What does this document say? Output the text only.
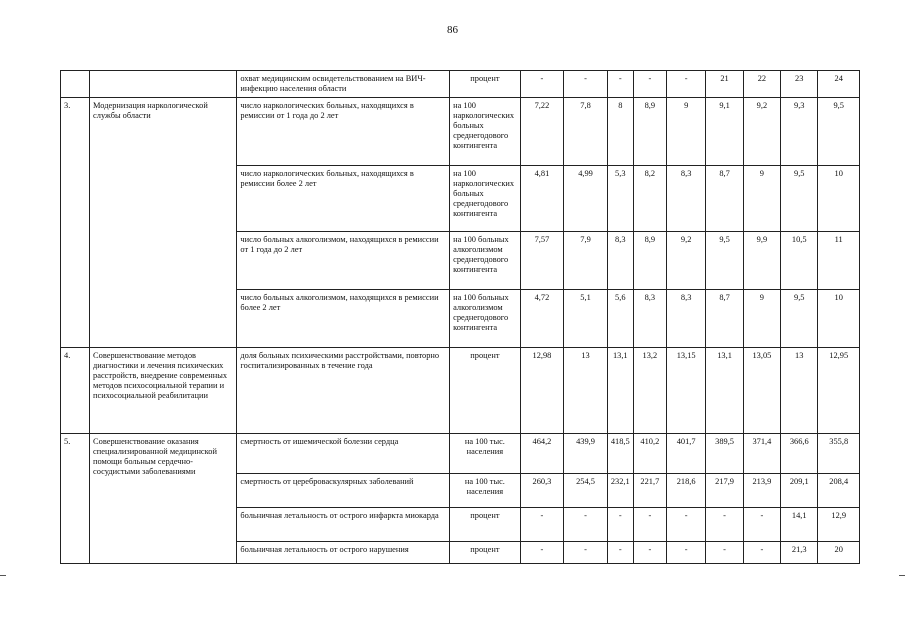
86
		охват медицинским освидетельствованием на ВИЧ-инфекцию населения области	процент	-	-	-	-	-	21	22	23	24
3.	Модернизация наркологической службы области	число наркологических больных, находящихся в ремиссии от 1 года до 2 лет	на 100 наркологических больных среднегодового контингента	7,22	7,8	8	8,9	9	9,1	9,2	9,3	9,5
		число наркологических больных, находящихся в ремиссии более 2 лет	на 100 наркологических больных среднегодового контингента	4,81	4,99	5,3	8,2	8,3	8,7	9	9,5	10
		число больных алкоголизмом, находящихся в ремиссии от 1 года до 2 лет	на 100 больных алкоголизмом среднегодового контингента	7,57	7,9	8,3	8,9	9,2	9,5	9,9	10,5	11
		число больных алкоголизмом, находящихся в ремиссии более 2 лет	на 100 больных алкоголизмом среднегодового контингента	4,72	5,1	5,6	8,3	8,3	8,7	9	9,5	10
4.	Совершенствование методов диагностики и лечения психических расстройств, внедрение современных методов психосоциальной терапии и психосоциальной реабилитации	доля больных психическими расстройствами, повторно госпитализированных в течение года	процент	12,98	13	13,1	13,2	13,15	13,1	13,05	13	12,95
5.	Совершенствование оказания специализированной медицинской помощи больным сердечно-сосудистыми заболеваниями	смертность от ишемической болезни сердца	на 100 тыс. населения	464,2	439,9	418,5	410,2	401,7	389,5	371,4	366,6	355,8
		смертность от цереброваскулярных заболеваний	на 100 тыс. населения	260,3	254,5	232,1	221,7	218,6	217,9	213,9	209,1	208,4
		больничная летальность от острого инфаркта миокарда	процент	-	-	-	-	-	-	-	14,1	12,9
		больничная летальность от острого нарушения	процент	-	-	-	-	-	-	-	21,3	20
